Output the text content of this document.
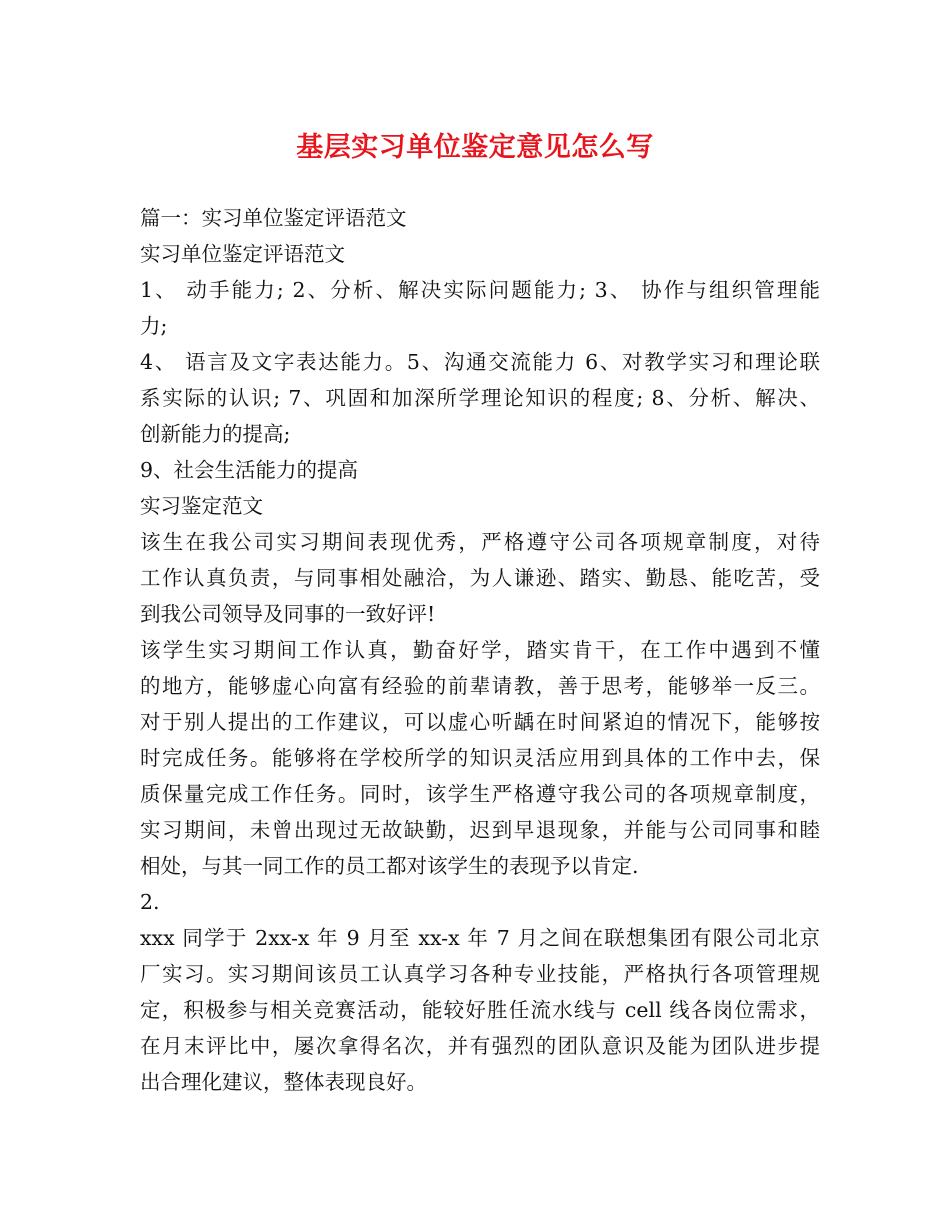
基层实习单位鉴定意见怎么写
篇一：实习单位鉴定评语范文
实习单位鉴定评语范文
1、 动手能力; 2、分析、解决实际问题能力; 3、 协作与组织管理能
力;
4、 语言及文字表达能力。5、沟通交流能力 6、对教学实习和理论联
系实际的认识; 7、巩固和加深所学理论知识的程度; 8、分析、解决、
创新能力的提高;
9、社会生活能力的提高
实习鉴定范文
该生在我公司实习期间表现优秀，严格遵守公司各项规章制度，对待
工作认真负责，与同事相处融洽，为人谦逊、踏实、勤恳、能吃苦，受
到我公司领导及同事的一致好评!
该学生实习期间工作认真，勤奋好学，踏实肯干，在工作中遇到不懂
的地方，能够虚心向富有经验的前辈请教，善于思考，能够举一反三。
对于别人提出的工作建议，可以虚心听龋在时间紧迫的情况下，能够按
时完成任务。能够将在学校所学的知识灵活应用到具体的工作中去，保
质保量完成工作任务。同时，该学生严格遵守我公司的各项规章制度，
实习期间，未曾出现过无故缺勤，迟到早退现象，并能与公司同事和睦
相处，与其一同工作的员工都对该学生的表现予以肯定.
2.
xxx 同学于 2xx-x 年 9 月至 xx-x 年 7 月之间在联想集团有限公司北京
厂实习。实习期间该员工认真学习各种专业技能，严格执行各项管理规
定，积极参与相关竞赛活动，能较好胜任流水线与 cell 线各岗位需求，
在月末评比中，屡次拿得名次，并有强烈的团队意识及能为团队进步提
出合理化建议，整体表现良好。
